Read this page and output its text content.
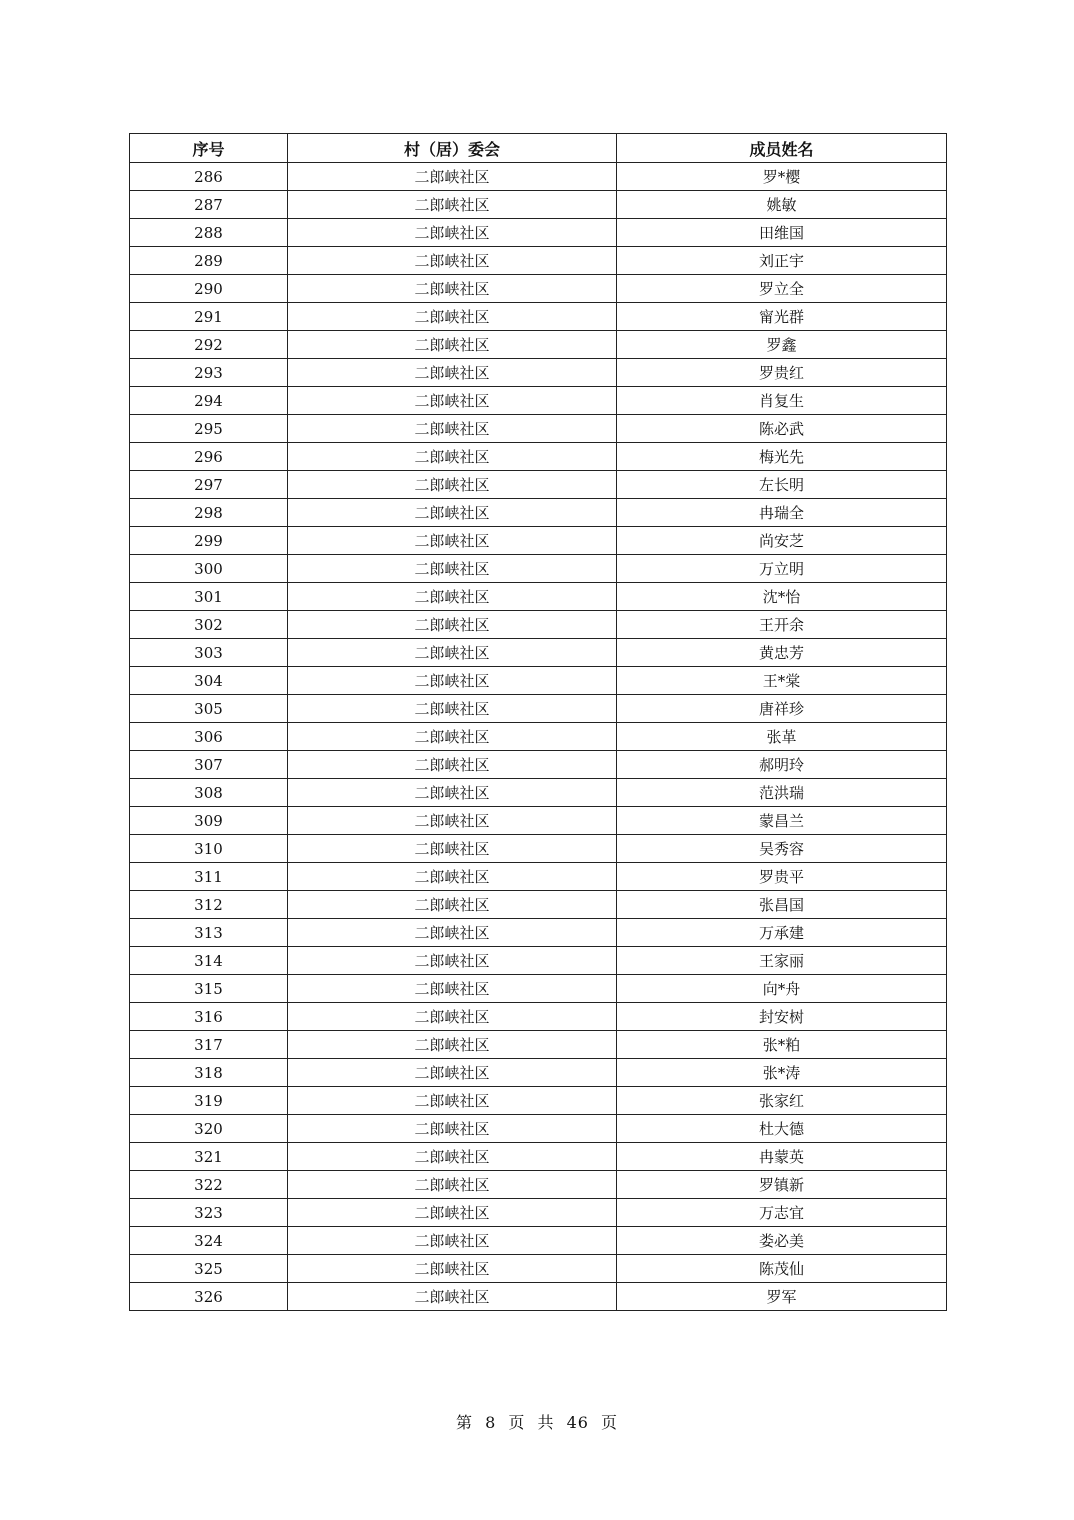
序号	村（居）委会	成员姓名
286	二郎峡社区	罗*樱
287	二郎峡社区	姚敏
288	二郎峡社区	田维国
289	二郎峡社区	刘正宇
290	二郎峡社区	罗立全
291	二郎峡社区	甯光群
292	二郎峡社区	罗鑫
293	二郎峡社区	罗贵红
294	二郎峡社区	肖复生
295	二郎峡社区	陈必武
296	二郎峡社区	梅光先
297	二郎峡社区	左长明
298	二郎峡社区	冉瑞全
299	二郎峡社区	尚安芝
300	二郎峡社区	万立明
301	二郎峡社区	沈*怡
302	二郎峡社区	王开余
303	二郎峡社区	黄忠芳
304	二郎峡社区	王*棠
305	二郎峡社区	唐祥珍
306	二郎峡社区	张革
307	二郎峡社区	郝明玲
308	二郎峡社区	范洪瑞
309	二郎峡社区	蒙昌兰
310	二郎峡社区	吴秀容
311	二郎峡社区	罗贵平
312	二郎峡社区	张昌国
313	二郎峡社区	万承建
314	二郎峡社区	王家丽
315	二郎峡社区	向*舟
316	二郎峡社区	封安树
317	二郎峡社区	张*粕
318	二郎峡社区	张*涛
319	二郎峡社区	张家红
320	二郎峡社区	杜大德
321	二郎峡社区	冉蒙英
322	二郎峡社区	罗镇新
323	二郎峡社区	万志宜
324	二郎峡社区	娄必美
325	二郎峡社区	陈茂仙
326	二郎峡社区	罗军
第 8 页 共 46 页
